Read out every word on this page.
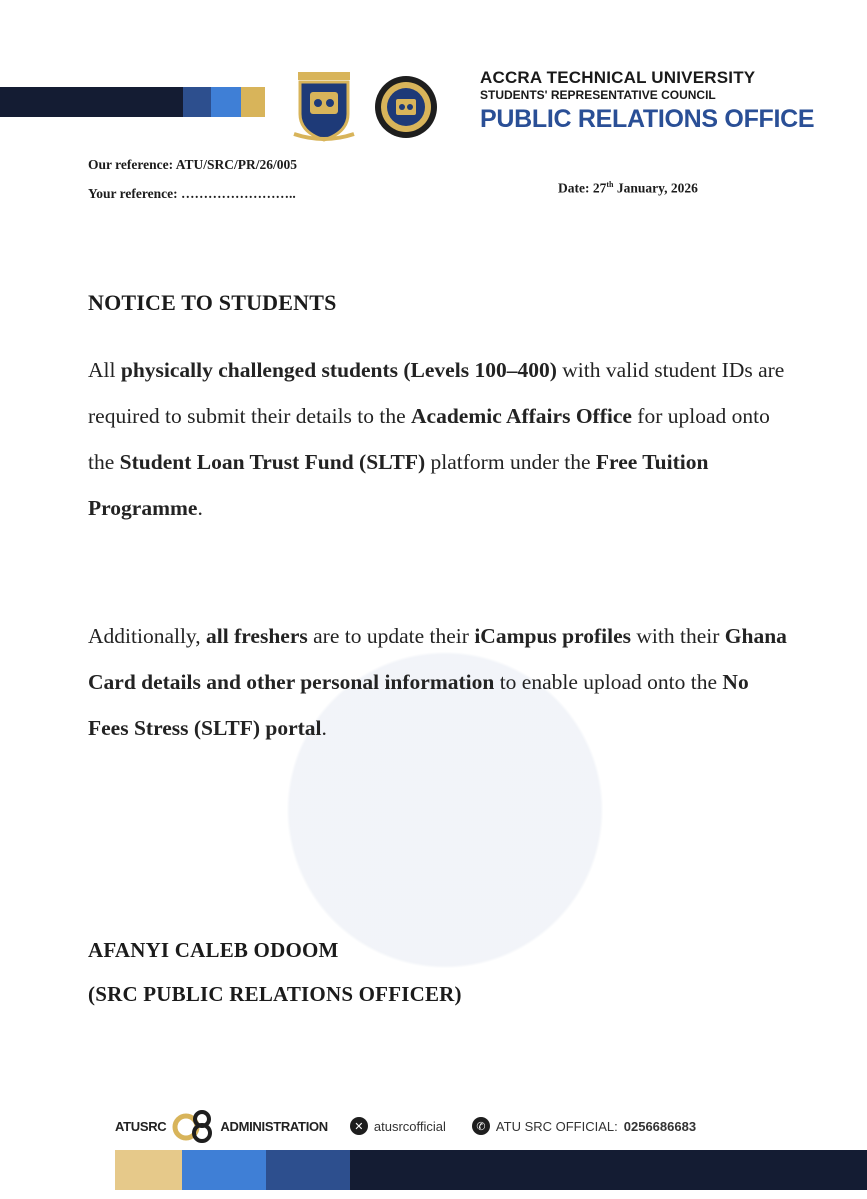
ACCRA TECHNICAL UNIVERSITY
STUDENTS' REPRESENTATIVE COUNCIL
PUBLIC RELATIONS OFFICE
Our reference: ATU/SRC/PR/26/005
Your reference: ……………………..	Date: 27th January, 2026
NOTICE TO STUDENTS
All physically challenged students (Levels 100–400) with valid student IDs are required to submit their details to the Academic Affairs Office for upload onto the Student Loan Trust Fund (SLTF) platform under the Free Tuition Programme.
Additionally, all freshers are to update their iCampus profiles with their Ghana Card details and other personal information to enable upload onto the No Fees Stress (SLTF) portal.
AFANYI CALEB ODOOM
(SRC PUBLIC RELATIONS OFFICER)
ATUSRC	ADMINISTRATION	✕ atusrcofficial	✆ ATU SRC OFFICIAL: 0256686683
